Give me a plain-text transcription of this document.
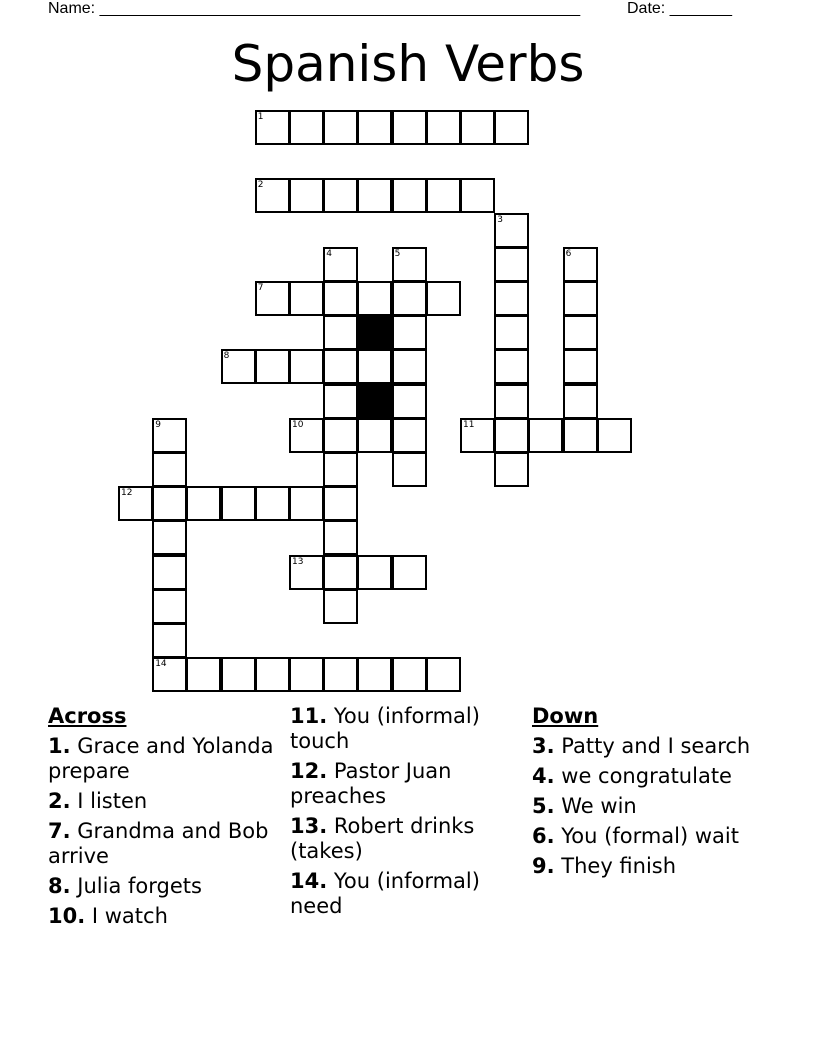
Name: ______________________________________________________	Date: _______
Spanish Verbs
1
2
7
8
10	11
12
13
14
3
4	5	6
9
Across
1. Grace and Yolanda prepare
2. I listen
7. Grandma and Bob arrive
8. Julia forgets
10. I watch
11. You (informal) touch
12. Pastor Juan preaches
13. Robert drinks (takes)
14. You (informal) need
Down
3. Patty and I search
4. we congratulate
5. We win
6. You (formal) wait
9. They finish
